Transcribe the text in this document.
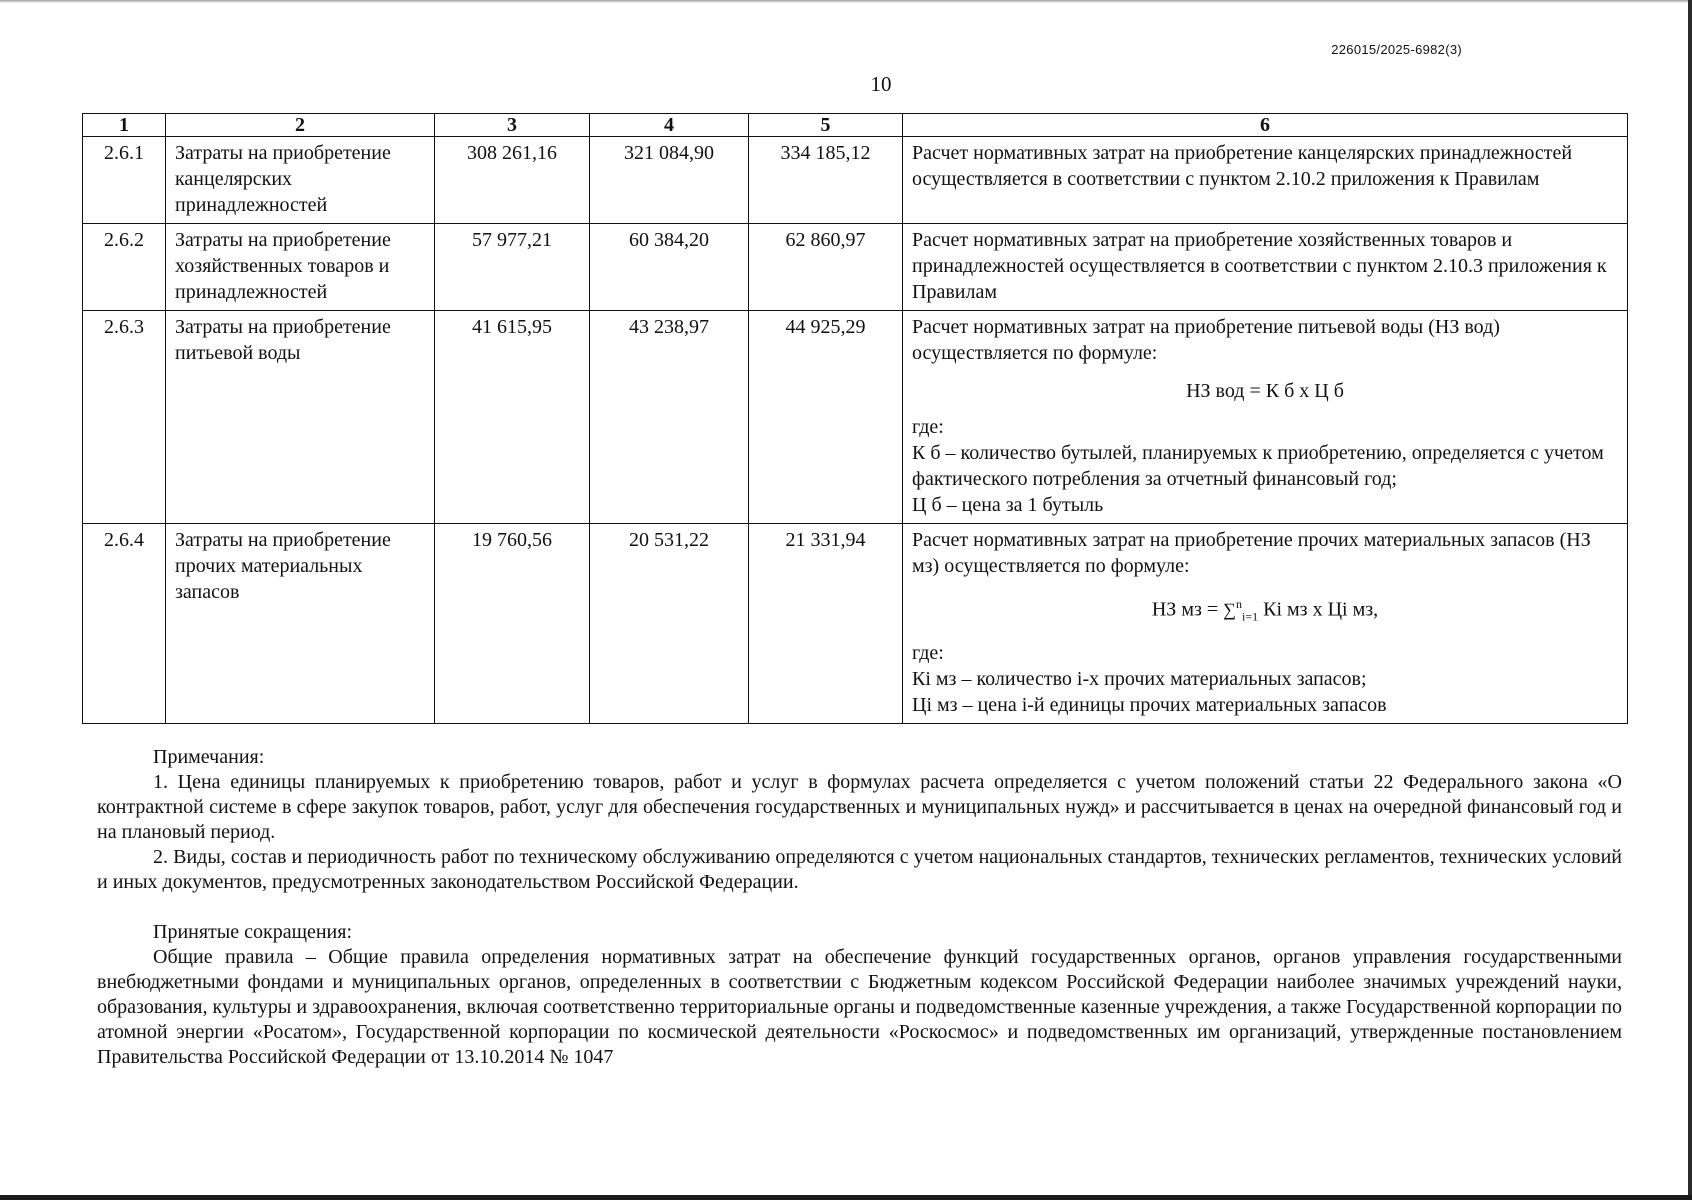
226015/2025-6982(3)
10
1	2	3	4	5	6
2.6.1	Затраты на приобретение канцелярских принадлежностей	308 261,16	321 084,90	334 185,12	Расчет нормативных затрат на приобретение канцелярских принадлежностей осуществляется в соответствии с пунктом 2.10.2 приложения к Правилам
2.6.2	Затраты на приобретение хозяйственных товаров и принадлежностей	57 977,21	60 384,20	62 860,97	Расчет нормативных затрат на приобретение хозяйственных товаров и принадлежностей осуществляется в соответствии с пунктом 2.10.3 приложения к Правилам
2.6.3	Затраты на приобретение питьевой воды	41 615,95	43 238,97	44 925,29	Расчет нормативных затрат на приобретение питьевой воды (НЗ вод) осуществляется по формуле:
НЗ вод = К б х Ц б
где:
К б – количество бутылей, планируемых к приобретению, определяется с учетом фактического потребления за отчетный финансовый год;
Ц б – цена за 1 бутыль

2.6.4	Затраты на приобретение прочих материальных запасов	19 760,56	20 531,22	21 331,94	Расчет нормативных затрат на приобретение прочих материальных запасов (НЗ мз) осуществляется по формуле:
НЗ мз = ∑$^n_{i=1}$ Кi мз х Цi мз,
где:
Кi мз – количество i-х прочих материальных запасов;
Цi мз – цена i-й единицы прочих материальных запасов

Примечания:

1. Цена единицы планируемых к приобретению товаров, работ и услуг в формулах расчета определяется с учетом положений статьи 22 Федерального закона «О контрактной системе в сфере закупок товаров, работ, услуг для обеспечения государственных и муниципальных нужд» и рассчитывается в ценах на очередной финансовый год и на плановый период.

2. Виды, состав и периодичность работ по техническому обслуживанию определяются с учетом национальных стандартов, технических регламентов, технических условий и иных документов, предусмотренных законодательством Российской Федерации.

Принятые сокращения:

Общие правила – Общие правила определения нормативных затрат на обеспечение функций государственных органов, органов управления государственными внебюджетными фондами и муниципальных органов, определенных в соответствии с Бюджетным кодексом Российской Федерации наиболее значимых учреждений науки, образования, культуры и здравоохранения, включая соответственно территориальные органы и подведомственные казенные учреждения, а также Государственной корпорации по атомной энергии «Росатом», Государственной корпорации по космической деятельности «Роскосмос» и подведомственных им организаций, утвержденные постановлением Правительства Российской Федерации от 13.10.2014 № 1047
